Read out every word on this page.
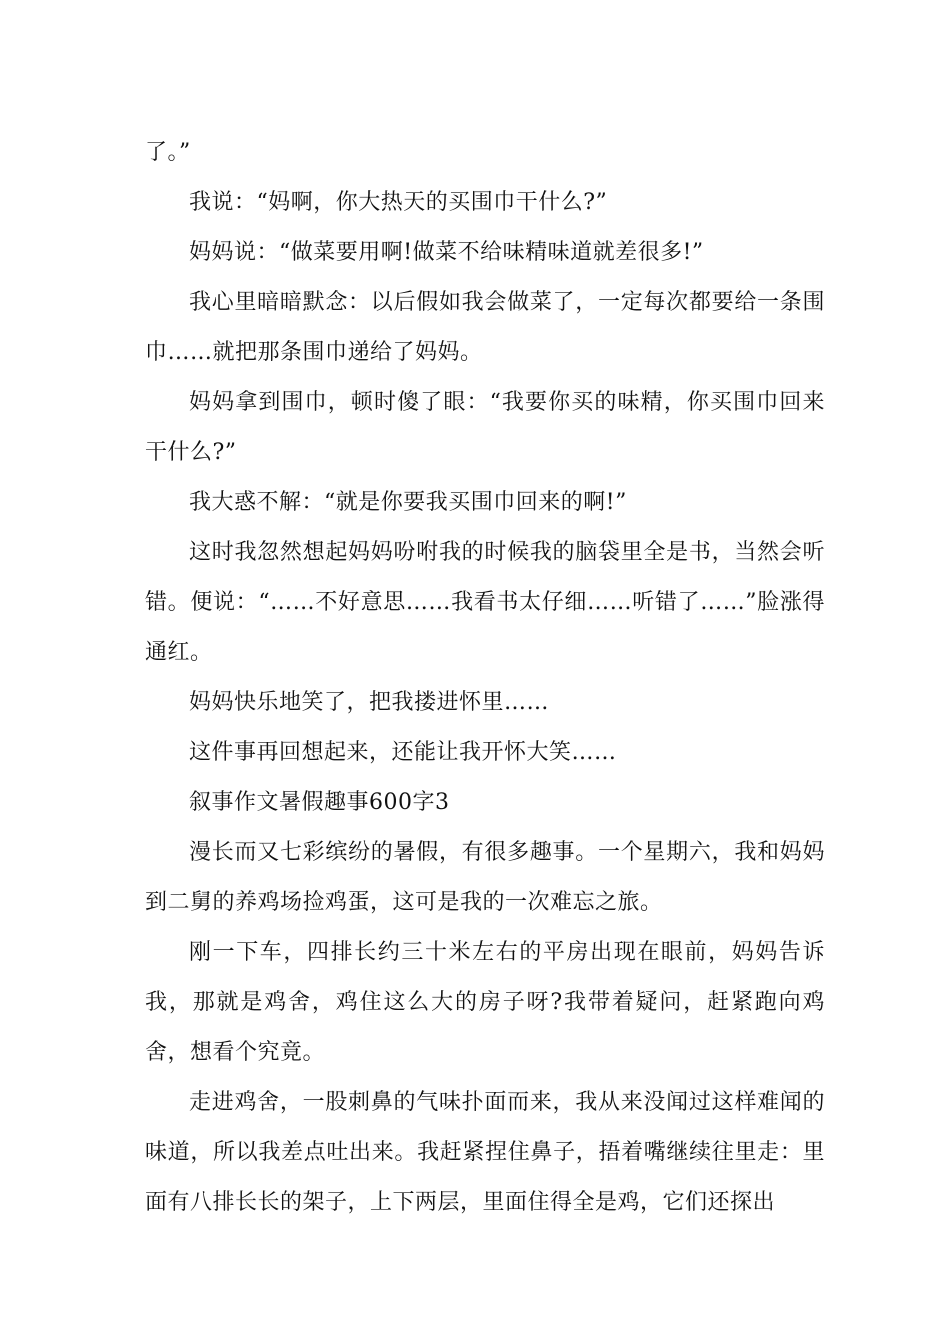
了。”

我说：“妈啊，你大热天的买围巾干什么?”

妈妈说：“做菜要用啊!做菜不给味精味道就差很多!”

我心里暗暗默念：以后假如我会做菜了，一定每次都要给一条围巾……就把那条围巾递给了妈妈。

妈妈拿到围巾，顿时傻了眼：“我要你买的味精，你买围巾回来干什么?”

我大惑不解：“就是你要我买围巾回来的啊!”

这时我忽然想起妈妈吩咐我的时候我的脑袋里全是书，当然会听错。便说：“……不好意思……我看书太仔细……听错了……”脸涨得通红。

妈妈快乐地笑了，把我搂进怀里……

这件事再回想起来，还能让我开怀大笑……

叙事作文暑假趣事600字3

漫长而又七彩缤纷的暑假，有很多趣事。一个星期六，我和妈妈到二舅的养鸡场捡鸡蛋，这可是我的一次难忘之旅。

刚一下车，四排长约三十米左右的平房出现在眼前，妈妈告诉我，那就是鸡舍，鸡住这么大的房子呀?我带着疑问，赶紧跑向鸡舍，想看个究竟。

走进鸡舍，一股刺鼻的气味扑面而来，我从来没闻过这样难闻的味道，所以我差点吐出来。我赶紧捏住鼻子，捂着嘴继续往里走：里面有八排长长的架子，上下两层，里面住得全是鸡，它们还探出
